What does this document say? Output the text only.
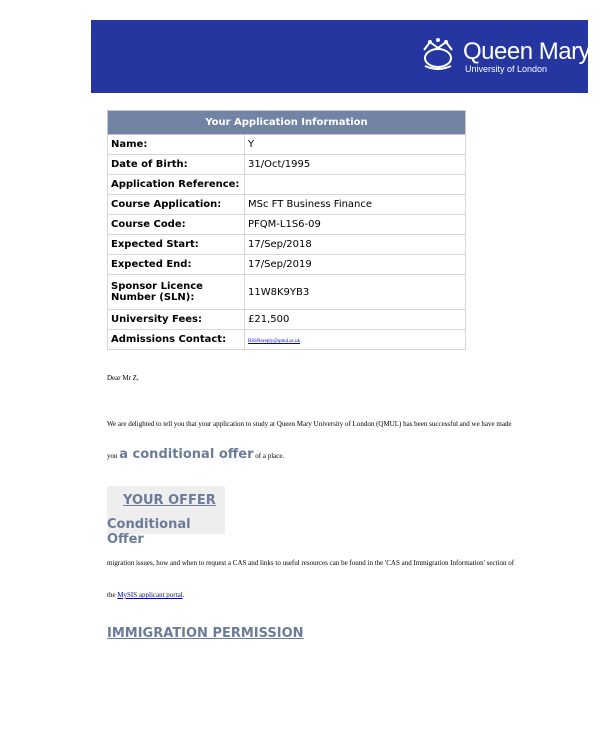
Queen Mary
University of London
Your Application Information	
Name:	Y
Date of Birth:	31/Oct/1995
Application Reference:	
Course Application:	MSc FT Business Finance
Course Code:	PFQM-L1S6-09
Expected Start:	17/Sep/2018
Expected End:	17/Sep/2019
Sponsor Licence Number (SLN):	11W8K9YB3
University Fees:	£21,500
Admissions Contact:	BSSNoreply@qmul.ac.uk
Dear Mr Z,
We are delighted to tell you that your application to study at Queen Mary University of London (QMUL) has been successful and we have made
you a conditional offer of a place.
YOUR OFFER
Conditional Offer
migration issues, how and when to request a CAS and links to useful resources can be found in the 'CAS and Immigration Information' section of
the MySIS applicant portal.
IMMIGRATION PERMISSION
